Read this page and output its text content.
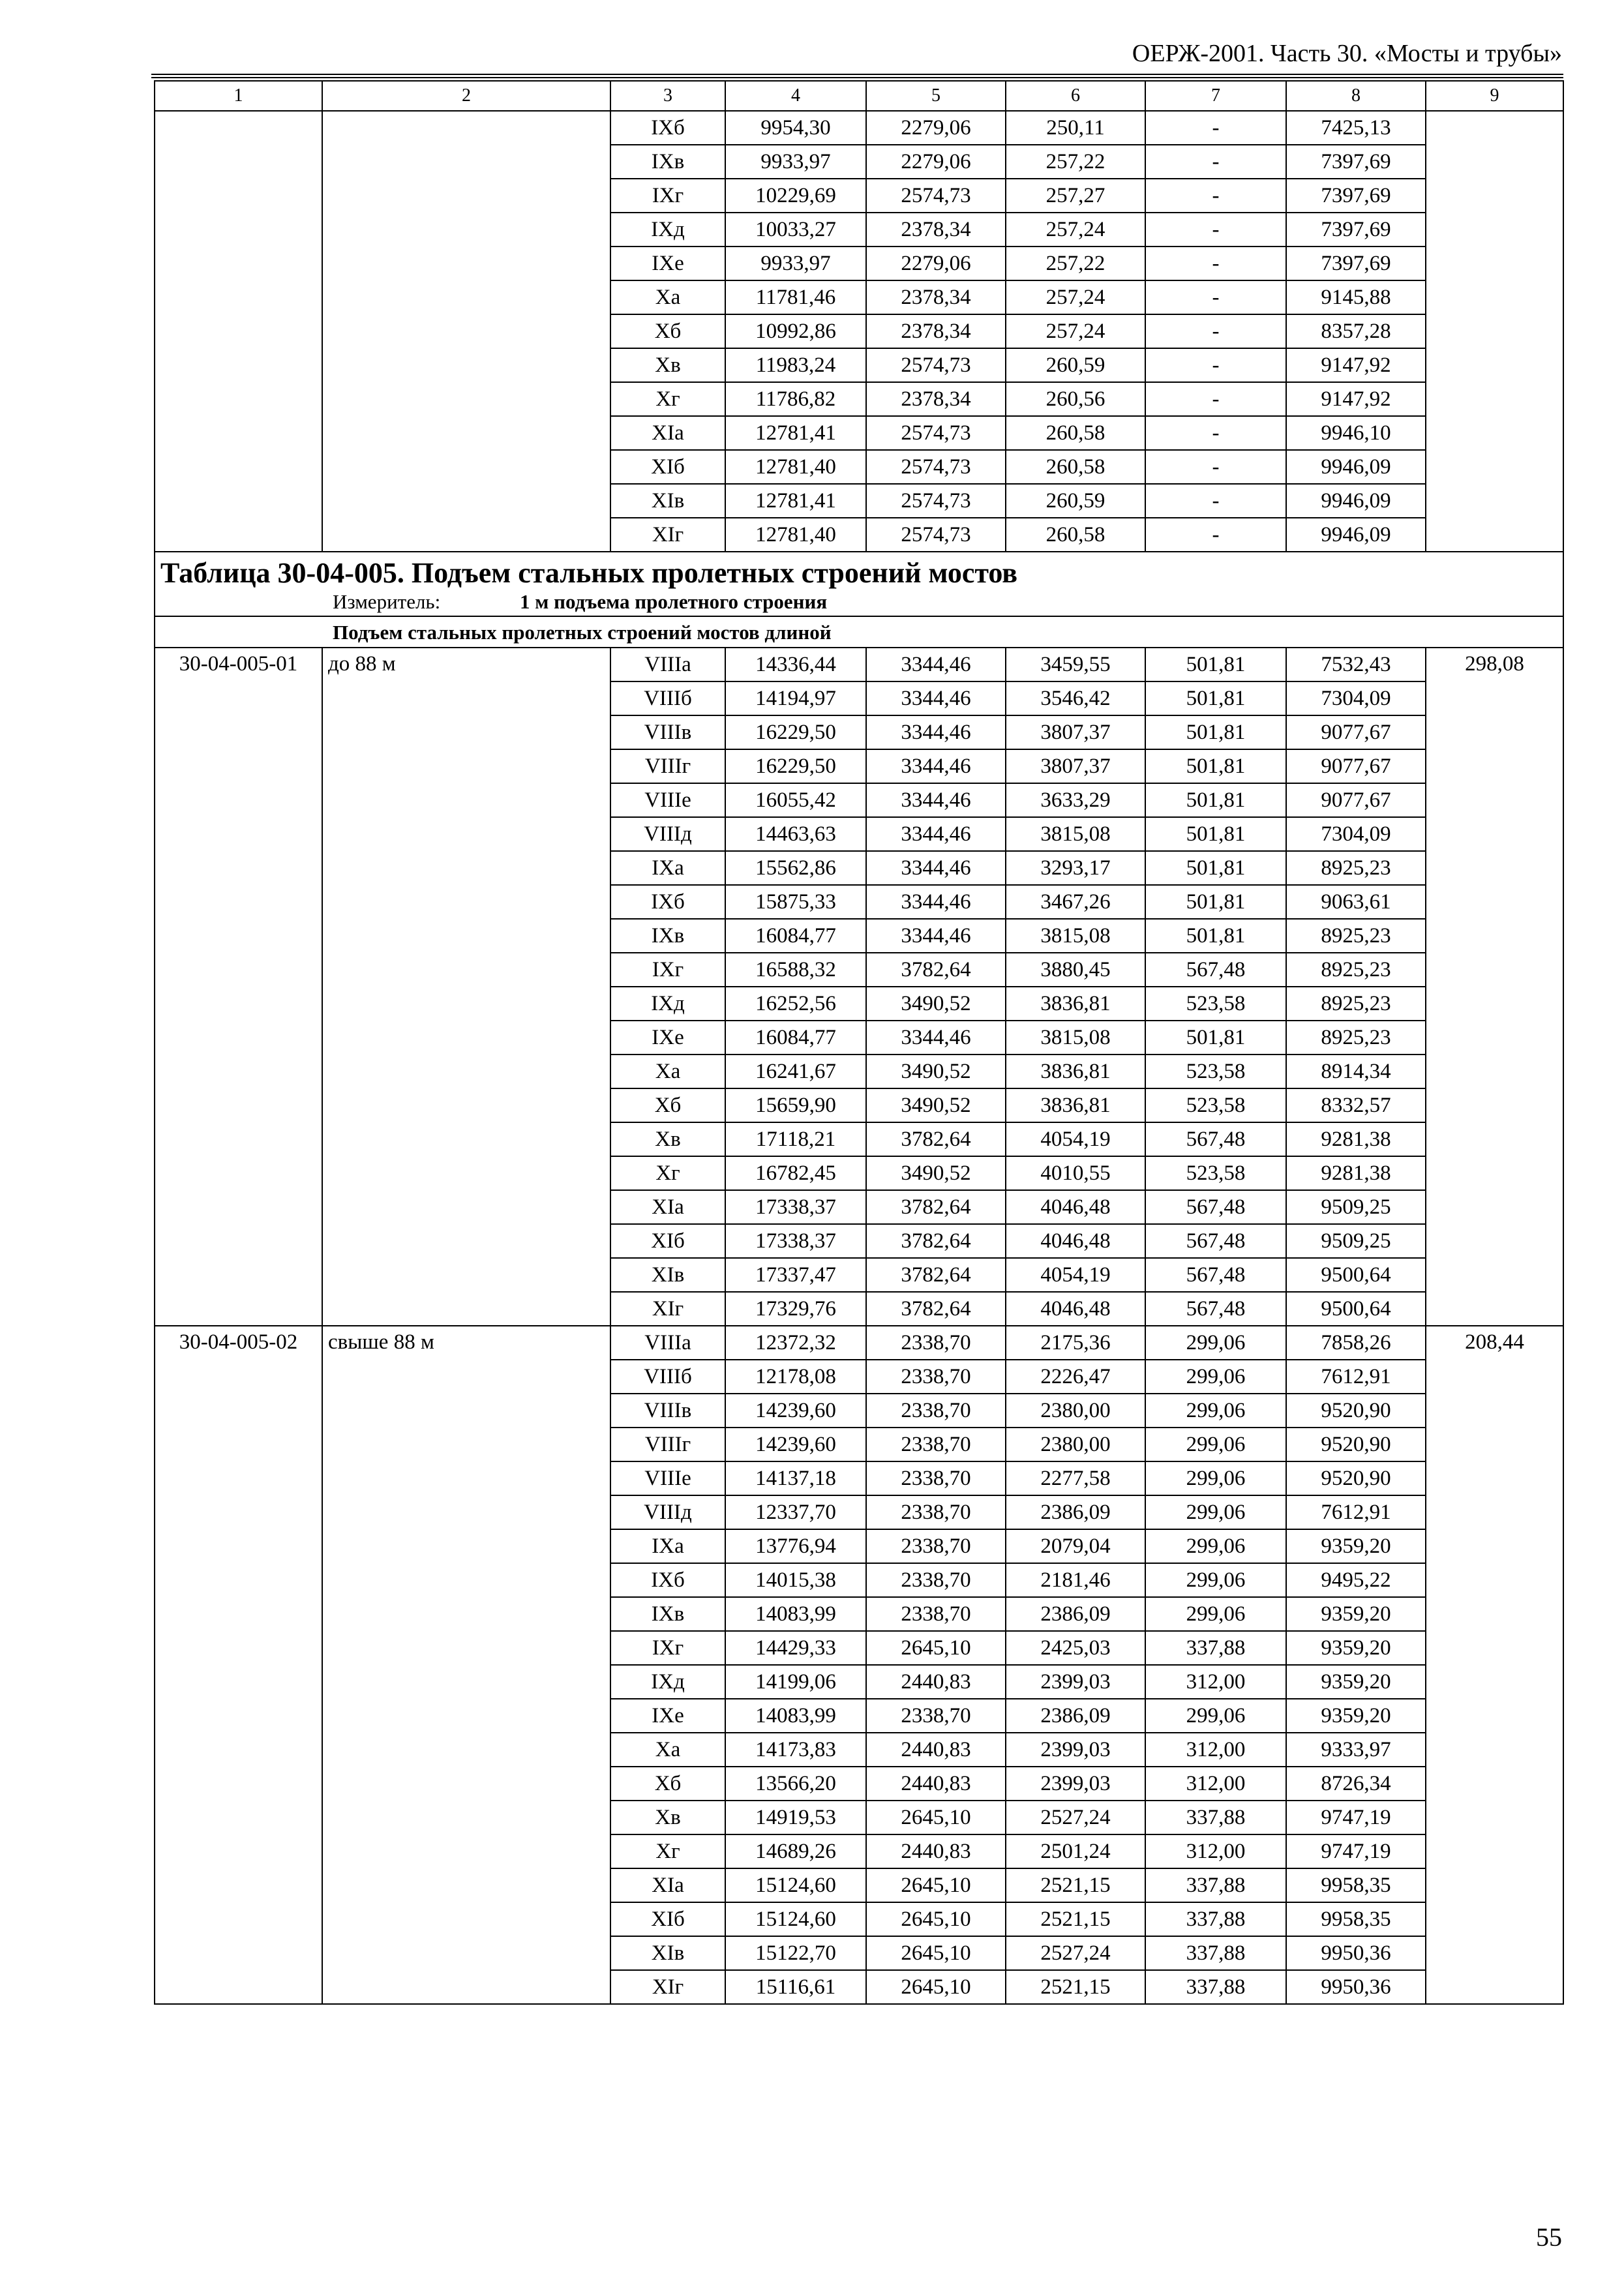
ОЕРЖ-2001. Часть 30. «Мосты и трубы»
1	2	3	4	5	6	7	8	9
		IXб	9954,30	2279,06	250,11	-	7425,13	
		IXв	9933,97	2279,06	257,22	-	7397,69	
		IXг	10229,69	2574,73	257,27	-	7397,69	
		IXд	10033,27	2378,34	257,24	-	7397,69	
		IXе	9933,97	2279,06	257,22	-	7397,69	
		Xа	11781,46	2378,34	257,24	-	9145,88	
		Xб	10992,86	2378,34	257,24	-	8357,28	
		Xв	11983,24	2574,73	260,59	-	9147,92	
		Xг	11786,82	2378,34	260,56	-	9147,92	
		XIа	12781,41	2574,73	260,58	-	9946,10	
		XIб	12781,40	2574,73	260,58	-	9946,09	
		XIв	12781,41	2574,73	260,59	-	9946,09	
		XIг	12781,40	2574,73	260,58	-	9946,09	
Таблица 30-04-005. Подъем стальных пролетных строений мостов								
Измеритель: 1 м подъема пролетного строения								
Подъем стальных пролетных строений мостов длиной								
30-04-005-01	до 88 м	VIIIа	14336,44	3344,46	3459,55	501,81	7532,43	298,08
		VIIIб	14194,97	3344,46	3546,42	501,81	7304,09	
		VIIIв	16229,50	3344,46	3807,37	501,81	9077,67	
		VIIIг	16229,50	3344,46	3807,37	501,81	9077,67	
		VIIIе	16055,42	3344,46	3633,29	501,81	9077,67	
		VIIIд	14463,63	3344,46	3815,08	501,81	7304,09	
		IXа	15562,86	3344,46	3293,17	501,81	8925,23	
		IXб	15875,33	3344,46	3467,26	501,81	9063,61	
		IXв	16084,77	3344,46	3815,08	501,81	8925,23	
		IXг	16588,32	3782,64	3880,45	567,48	8925,23	
		IXд	16252,56	3490,52	3836,81	523,58	8925,23	
		IXе	16084,77	3344,46	3815,08	501,81	8925,23	
		Xа	16241,67	3490,52	3836,81	523,58	8914,34	
		Xб	15659,90	3490,52	3836,81	523,58	8332,57	
		Xв	17118,21	3782,64	4054,19	567,48	9281,38	
		Xг	16782,45	3490,52	4010,55	523,58	9281,38	
		XIа	17338,37	3782,64	4046,48	567,48	9509,25	
		XIб	17338,37	3782,64	4046,48	567,48	9509,25	
		XIв	17337,47	3782,64	4054,19	567,48	9500,64	
		XIг	17329,76	3782,64	4046,48	567,48	9500,64	
30-04-005-02	свыше 88 м	VIIIа	12372,32	2338,70	2175,36	299,06	7858,26	208,44
		VIIIб	12178,08	2338,70	2226,47	299,06	7612,91	
		VIIIв	14239,60	2338,70	2380,00	299,06	9520,90	
		VIIIг	14239,60	2338,70	2380,00	299,06	9520,90	
		VIIIе	14137,18	2338,70	2277,58	299,06	9520,90	
		VIIIд	12337,70	2338,70	2386,09	299,06	7612,91	
		IXа	13776,94	2338,70	2079,04	299,06	9359,20	
		IXб	14015,38	2338,70	2181,46	299,06	9495,22	
		IXв	14083,99	2338,70	2386,09	299,06	9359,20	
		IXг	14429,33	2645,10	2425,03	337,88	9359,20	
		IXд	14199,06	2440,83	2399,03	312,00	9359,20	
		IXе	14083,99	2338,70	2386,09	299,06	9359,20	
		Xа	14173,83	2440,83	2399,03	312,00	9333,97	
		Xб	13566,20	2440,83	2399,03	312,00	8726,34	
		Xв	14919,53	2645,10	2527,24	337,88	9747,19	
		Xг	14689,26	2440,83	2501,24	312,00	9747,19	
		XIа	15124,60	2645,10	2521,15	337,88	9958,35	
		XIб	15124,60	2645,10	2521,15	337,88	9958,35	
		XIв	15122,70	2645,10	2527,24	337,88	9950,36	
		XIг	15116,61	2645,10	2521,15	337,88	9950,36	
55
